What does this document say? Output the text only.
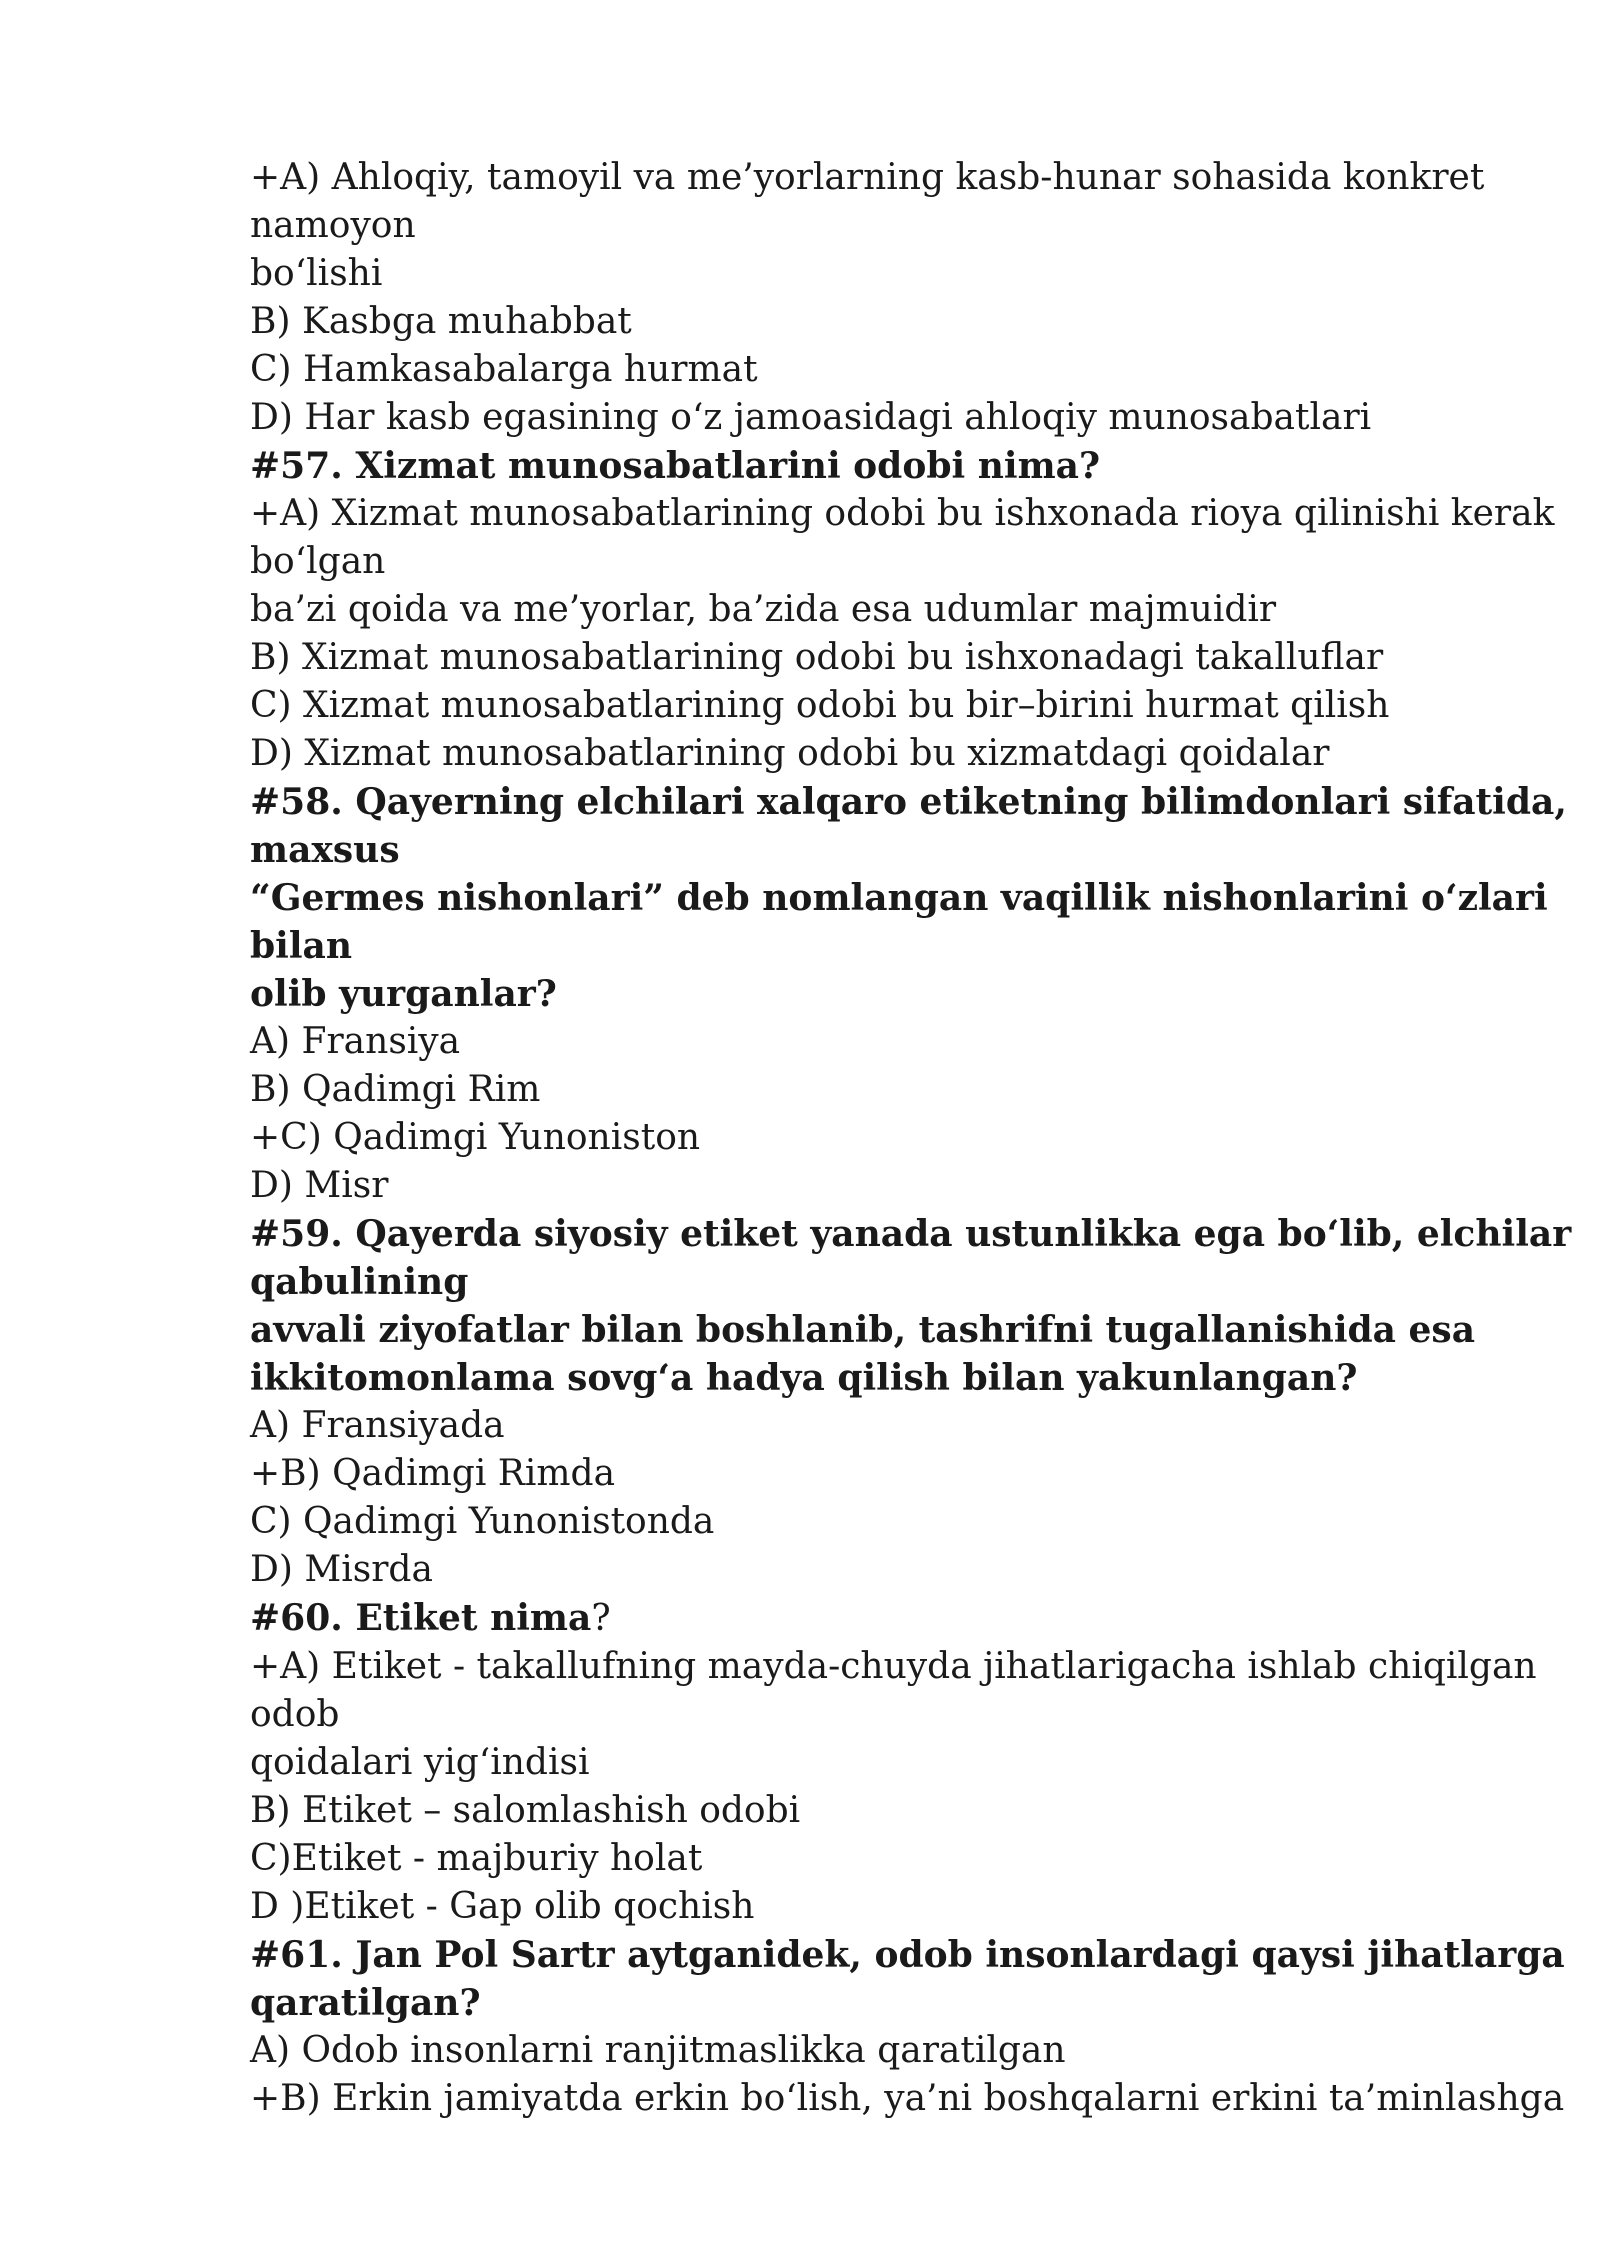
+A) Ahloqiy, tamoyil va me’yorlarning kasb-hunar sohasida konkret

namoyon

bo‘lishi

B) Kasbga muhabbat

C) Hamkasabalarga hurmat

D) Har kasb egasining o‘z jamoasidagi ahloqiy munosabatlari

#57. Xizmat munosabatlarini odobi nima?

+A) Xizmat munosabatlarining odobi bu ishxonada rioya qilinishi kerak

bo‘lgan

ba’zi qoida va me’yorlar, ba’zida esa udumlar majmuidir

B) Xizmat munosabatlarining odobi bu ishxonadagi takalluflar

C) Xizmat munosabatlarining odobi bu bir–birini hurmat qilish

D) Xizmat munosabatlarining odobi bu xizmatdagi qoidalar

#58. Qayerning elchilari xalqaro etiketning bilimdonlari sifatida,

maxsus

“Germes nishonlari” deb nomlangan vaqillik nishonlarini o‘zlari

bilan

olib yurganlar?

A) Fransiya

B) Qadimgi Rim

+C) Qadimgi Yunoniston

D) Misr

#59. Qayerda siyosiy etiket yanada ustunlikka ega bo‘lib, elchilar

qabulining

avvali ziyofatlar bilan boshlanib, tashrifni tugallanishida esa

ikkitomonlama sovg‘a hadya qilish bilan yakunlangan?

A) Fransiyada

+B) Qadimgi Rimda

C) Qadimgi Yunonistonda

D) Misrda

#60. Etiket nima?

+A) Etiket - takallufning mayda-chuyda jihatlarigacha ishlab chiqilgan

odob

qoidalari yig‘indisi

B) Etiket – salomlashish odobi

C)Etiket - majburiy holat

D )Etiket - Gap olib qochish

#61. Jan Pol Sartr aytganidek, odob insonlardagi qaysi jihatlarga

qaratilgan?

A) Odob insonlarni ranjitmaslikka qaratilgan

+B) Erkin jamiyatda erkin bo‘lish, ya’ni boshqalarni erkini ta’minlashga
